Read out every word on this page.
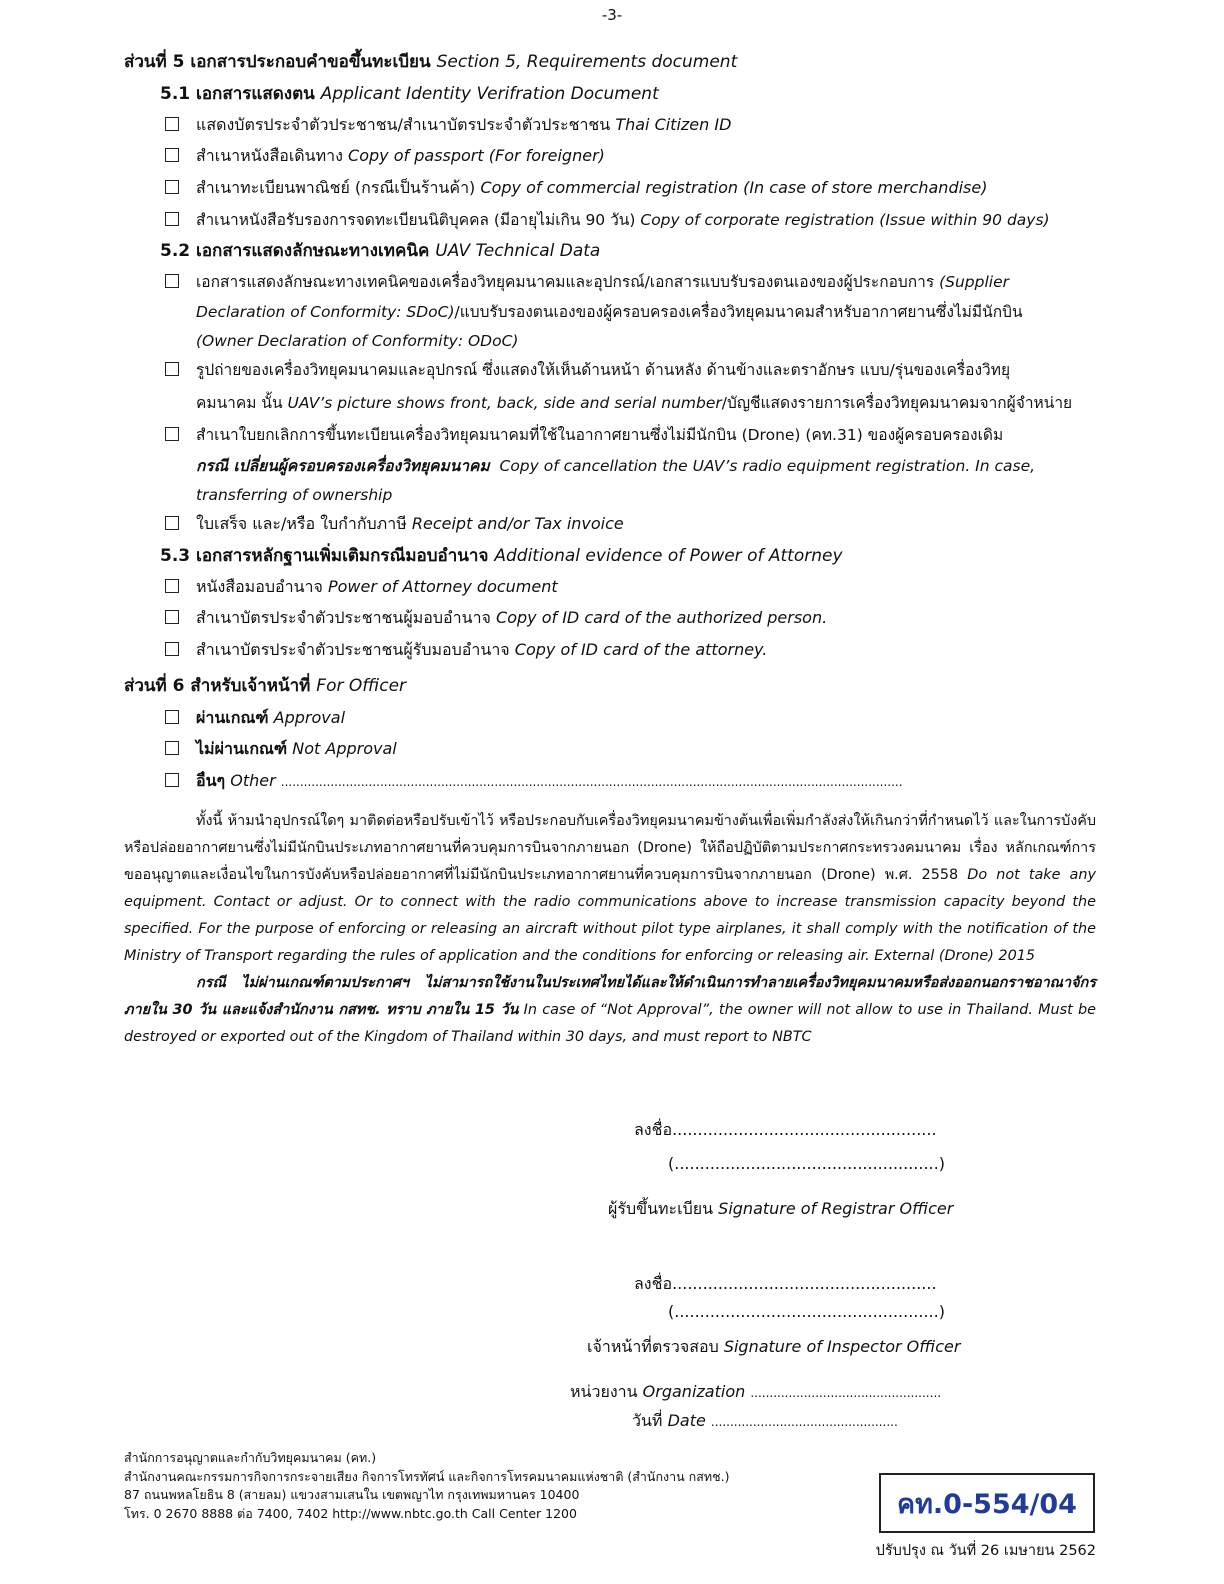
-3-
ส่วนที่ 5 เอกสารประกอบคำขอขึ้นทะเบียน Section 5, Requirements document
5.1 เอกสารแสดงตน Applicant Identity Verifration Document
แสดงบัตรประจำตัวประชาชน/สำเนาบัตรประจำตัวประชาชน Thai Citizen ID
สำเนาหนังสือเดินทาง Copy of passport (For foreigner)
สำเนาทะเบียนพาณิชย์ (กรณีเป็นร้านค้า) Copy of commercial registration (In case of store merchandise)
สำเนาหนังสือรับรองการจดทะเบียนนิติบุคคล (มีอายุไม่เกิน 90 วัน) Copy of corporate registration (Issue within 90 days)
5.2 เอกสารแสดงลักษณะทางเทคนิค UAV Technical Data
เอกสารแสดงลักษณะทางเทคนิคของเครื่องวิทยุคมนาคมและอุปกรณ์/เอกสารแบบรับรองตนเองของผู้ประกอบการ (Supplier
Declaration of Conformity: SDoC)/แบบรับรองตนเองของผู้ครอบครองเครื่องวิทยุคมนาคมสำหรับอากาศยานซึ่งไม่มีนักบิน
(Owner Declaration of Conformity: ODoC)
รูปถ่ายของเครื่องวิทยุคมนาคมและอุปกรณ์ ซึ่งแสดงให้เห็นด้านหน้า ด้านหลัง ด้านข้างและตราอักษร แบบ/รุ่นของเครื่องวิทยุ
คมนาคม นั้น UAV’s picture shows front, back, side and serial number/บัญชีแสดงรายการเครื่องวิทยุคมนาคมจากผู้จำหน่าย
สำเนาใบยกเลิกการขึ้นทะเบียนเครื่องวิทยุคมนาคมที่ใช้ในอากาศยานซึ่งไม่มีนักบิน (Drone) (คท.31) ของผู้ครอบครองเดิม
กรณี เปลี่ยนผู้ครอบครองเครื่องวิทยุคมนาคม Copy of cancellation the UAV’s radio equipment registration. In case,
transferring of ownership
ใบเสร็จ และ/หรือ ใบกำกับภาษี Receipt and/or Tax invoice
5.3 เอกสารหลักฐานเพิ่มเติมกรณีมอบอำนาจ Additional evidence of Power of Attorney
หนังสือมอบอำนาจ Power of Attorney document
สำเนาบัตรประจำตัวประชาชนผู้มอบอำนาจ Copy of ID card of the authorized person.
สำเนาบัตรประจำตัวประชาชนผู้รับมอบอำนาจ Copy of ID card of the attorney.
ส่วนที่ 6 สำหรับเจ้าหน้าที่ For Officer
ผ่านเกณฑ์ Approval
ไม่ผ่านเกณฑ์ Not Approval
อื่นๆ Other ...................................................................................................................................................................
ทั้งนี้ ห้ามนำอุปกรณ์ใดๆ มาติดต่อหรือปรับเข้าไว้ หรือประกอบกับเครื่องวิทยุคมนาคมข้างต้นเพื่อเพิ่มกำลังส่งให้เกินกว่าที่กำหนดไว้ และในการบังคับหรือปล่อยอากาศยานซึ่งไม่มีนักบินประเภทอากาศยานที่ควบคุมการบินจากภายนอก (Drone) ให้ถือปฏิบัติตามประกาศกระทรวงคมนาคม เรื่อง หลักเกณฑ์การขออนุญาตและเงื่อนไขในการบังคับหรือปล่อยอากาศที่ไม่มีนักบินประเภทอากาศยานที่ควบคุมการบินจากภายนอก (Drone) พ.ศ. 2558 Do not take any equipment. Contact or adjust. Or to connect with the radio communications above to increase transmission capacity beyond the specified. For the purpose of enforcing or releasing an aircraft without pilot type airplanes, it shall comply with the notification of the Ministry of Transport regarding the rules of application and the conditions for enforcing or releasing air. External (Drone) 2015
กรณี ไม่ผ่านเกณฑ์ตามประกาศฯ ไม่สามารถใช้งานในประเทศไทยได้และให้ดำเนินการทำลายเครื่องวิทยุคมนาคมหรือส่งออกนอกราชอาณาจักร ภายใน 30 วัน และแจ้งสำนักงาน กสทช. ทราบ ภายใน 15 วัน In case of “Not Approval”, the owner will not allow to use in Thailand. Must be destroyed or exported out of the Kingdom of Thailand within 30 days, and must report to NBTC
ลงชื่อ....................................................
(....................................................)
ผู้รับขึ้นทะเบียน Signature of Registrar Officer
ลงชื่อ....................................................
(....................................................)
เจ้าหน้าที่ตรวจสอบ Signature of Inspector Officer
หน่วยงาน Organization ..................................................
วันที่ Date .................................................
สำนักการอนุญาตและกำกับวิทยุคมนาคม (คท.)
สำนักงานคณะกรรมการกิจการกระจายเสียง กิจการโทรทัศน์ และกิจการโทรคมนาคมแห่งชาติ (สำนักงาน กสทช.)
87 ถนนพหลโยธิน 8 (สายลม) แขวงสามเสนใน เขตพญาไท กรุงเทพมหานคร 10400
โทร. 0 2670 8888 ต่อ 7400, 7402 http://www.nbtc.go.th Call Center 1200	คท.0-554/04
ปรับปรุง ณ วันที่ 26 เมษายน 2562
